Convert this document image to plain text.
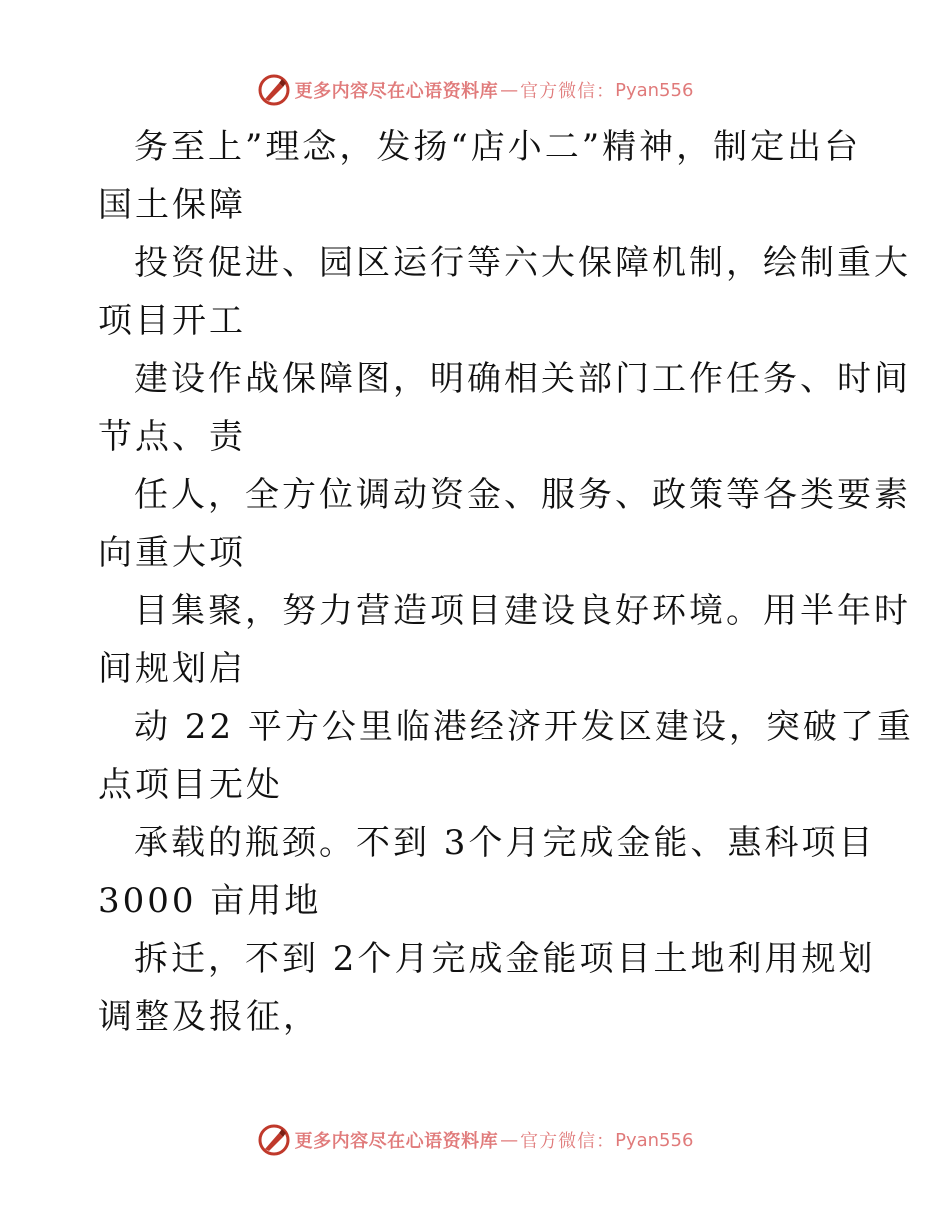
更多内容尽在心语资料库 — 官方微信： Pyan556
务至上”理念，发扬“店小二”精神，制定出台
国土保障
投资促进、园区运行等六大保障机制，绘制重大
项目开工
建设作战保障图，明确相关部门工作任务、时间
节点、责
任人，全方位调动资金、服务、政策等各类要素
向重大项
目集聚，努力营造项目建设良好环境。用半年时
间规划启
动 22 平方公里临港经济开发区建设，突破了重
点项目无处
承载的瓶颈。不到 3个月完成金能、惠科项目
3000 亩用地
拆迁，不到 2个月完成金能项目土地利用规划
调整及报征，
更多内容尽在心语资料库 — 官方微信： Pyan556
